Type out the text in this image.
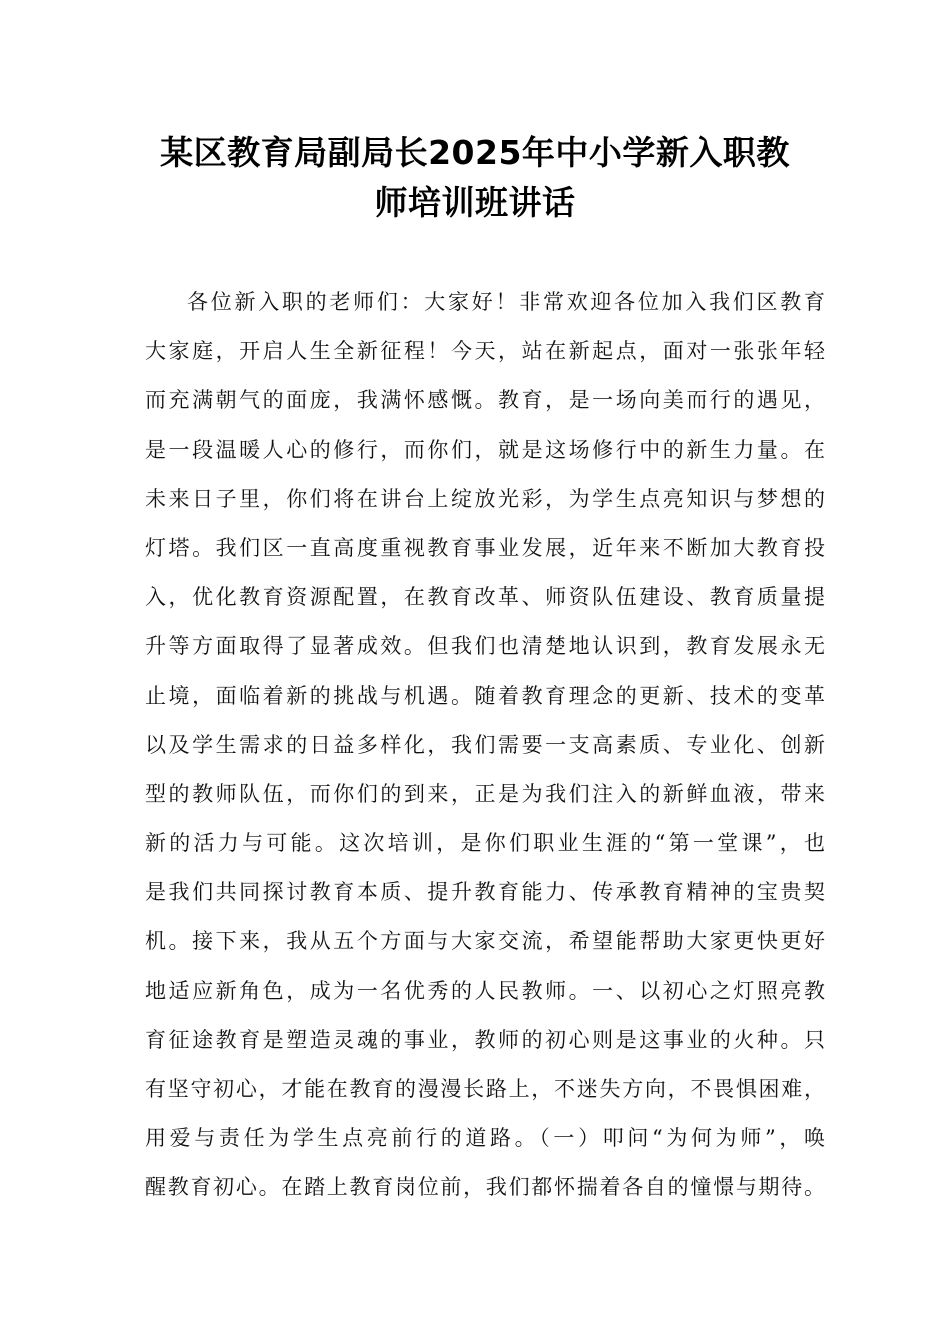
某区教育局副局长2025年中小学新入职教
师培训班讲话
各位新入职的老师们：大家好！非常欢迎各位加入我们区教育
大家庭，开启人生全新征程！今天，站在新起点，面对一张张年轻
而充满朝气的面庞，我满怀感慨。教育，是一场向美而行的遇见，
是一段温暖人心的修行，而你们，就是这场修行中的新生力量。在
未来日子里，你们将在讲台上绽放光彩，为学生点亮知识与梦想的
灯塔。我们区一直高度重视教育事业发展，近年来不断加大教育投
入，优化教育资源配置，在教育改革、师资队伍建设、教育质量提
升等方面取得了显著成效。但我们也清楚地认识到，教育发展永无
止境，面临着新的挑战与机遇。随着教育理念的更新、技术的变革
以及学生需求的日益多样化，我们需要一支高素质、专业化、创新
型的教师队伍，而你们的到来，正是为我们注入的新鲜血液，带来
新的活力与可能。这次培训，是你们职业生涯的“第一堂课”，也
是我们共同探讨教育本质、提升教育能力、传承教育精神的宝贵契
机。接下来，我从五个方面与大家交流，希望能帮助大家更快更好
地适应新角色，成为一名优秀的人民教师。一、以初心之灯照亮教
育征途教育是塑造灵魂的事业，教师的初心则是这事业的火种。只
有坚守初心，才能在教育的漫漫长路上，不迷失方向，不畏惧困难，
用爱与责任为学生点亮前行的道路。（一）叩问“为何为师”，唤
醒教育初心。在踏上教育岗位前，我们都怀揣着各自的憧憬与期待。
